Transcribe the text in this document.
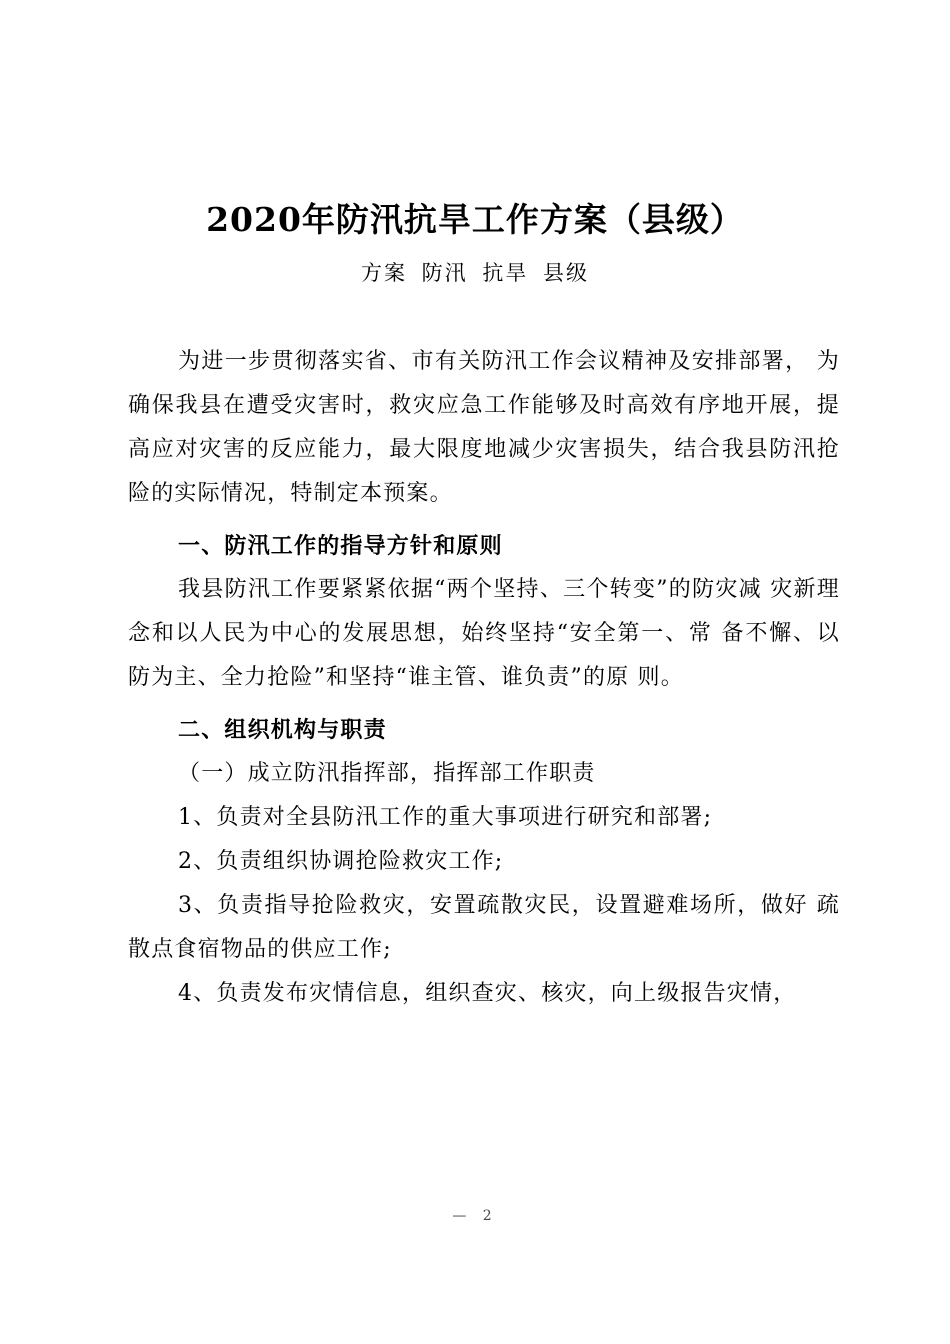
2020年防汛抗旱工作方案（县级）
方案 防汛 抗旱 县级

为进一步贯彻落实省、市有关防汛工作会议精神及安排部署， 为确保我县在遭受灾害时，救灾应急工作能够及时高效有序地开展，提高应对灾害的反应能力，最大限度地减少灾害损失，结合我县防汛抢险的实际情况，特制定本预案。

一、防汛工作的指导方针和原则

我县防汛工作要紧紧依据“两个坚持、三个转变”的防灾减 灾新理念和以人民为中心的发展思想，始终坚持“安全第一、常 备不懈、以防为主、全力抢险”和坚持“谁主管、谁负责”的原 则。

二、组织机构与职责

（一）成立防汛指挥部，指挥部工作职责

1、负责对全县防汛工作的重大事项进行研究和部署;

2、负责组织协调抢险救灾工作;

3、负责指导抢险救灾，安置疏散灾民，设置避难场所，做好 疏散点食宿物品的供应工作;

4、负责发布灾情信息，组织查灾、核灾，向上级报告灾情，

— 2
